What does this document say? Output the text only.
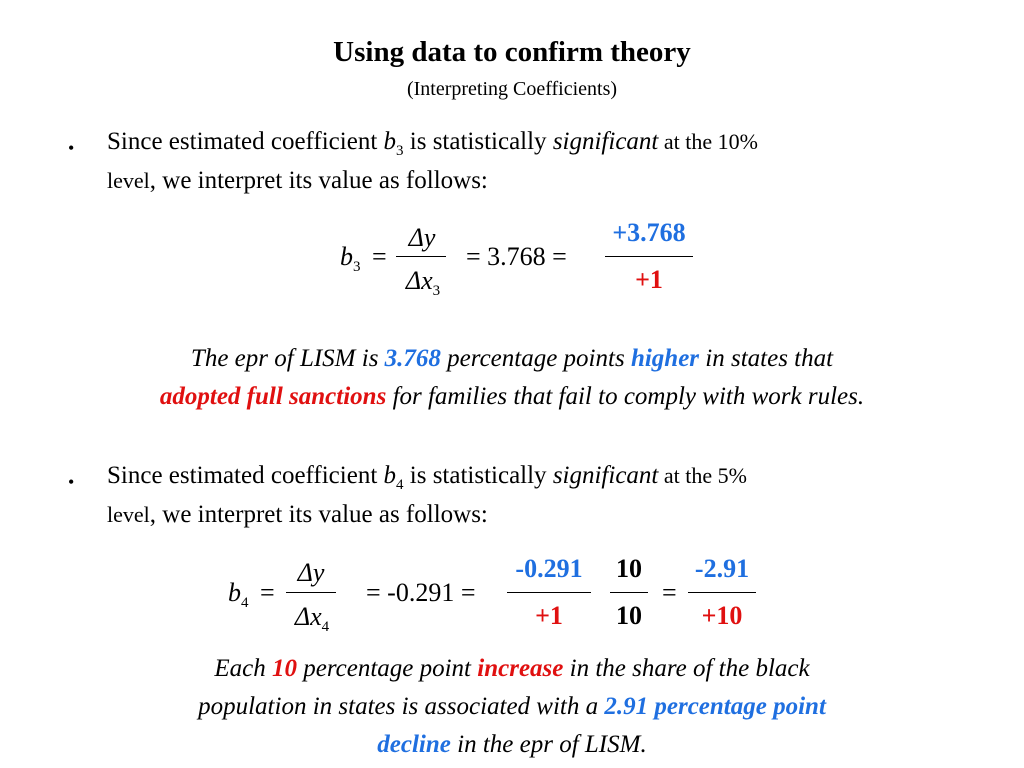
Using data to confirm theory
(Interpreting Coefficients)
• Since estimated coefficient $b_3$ is statistically significant at the 10%
level, we interpret its value as follows:
$b_3$ =
Δy
$\Delta x_3$
= 3.768 =
+3.768
+1
The epr of LISM is 3.768 percentage points higher in states that
adopted full sanctions for families that fail to comply with work rules.
• Since estimated coefficient $b_4$ is statistically significant at the 5%
level, we interpret its value as follows:
$b_4$ =
Δy
$\Delta x_4$
= -0.291 =
-0.291
+1
10
10
=
-2.91
+10
Each 10 percentage point increase in the share of the black
population in states is associated with a 2.91 percentage point
decline in the epr of LISM.
